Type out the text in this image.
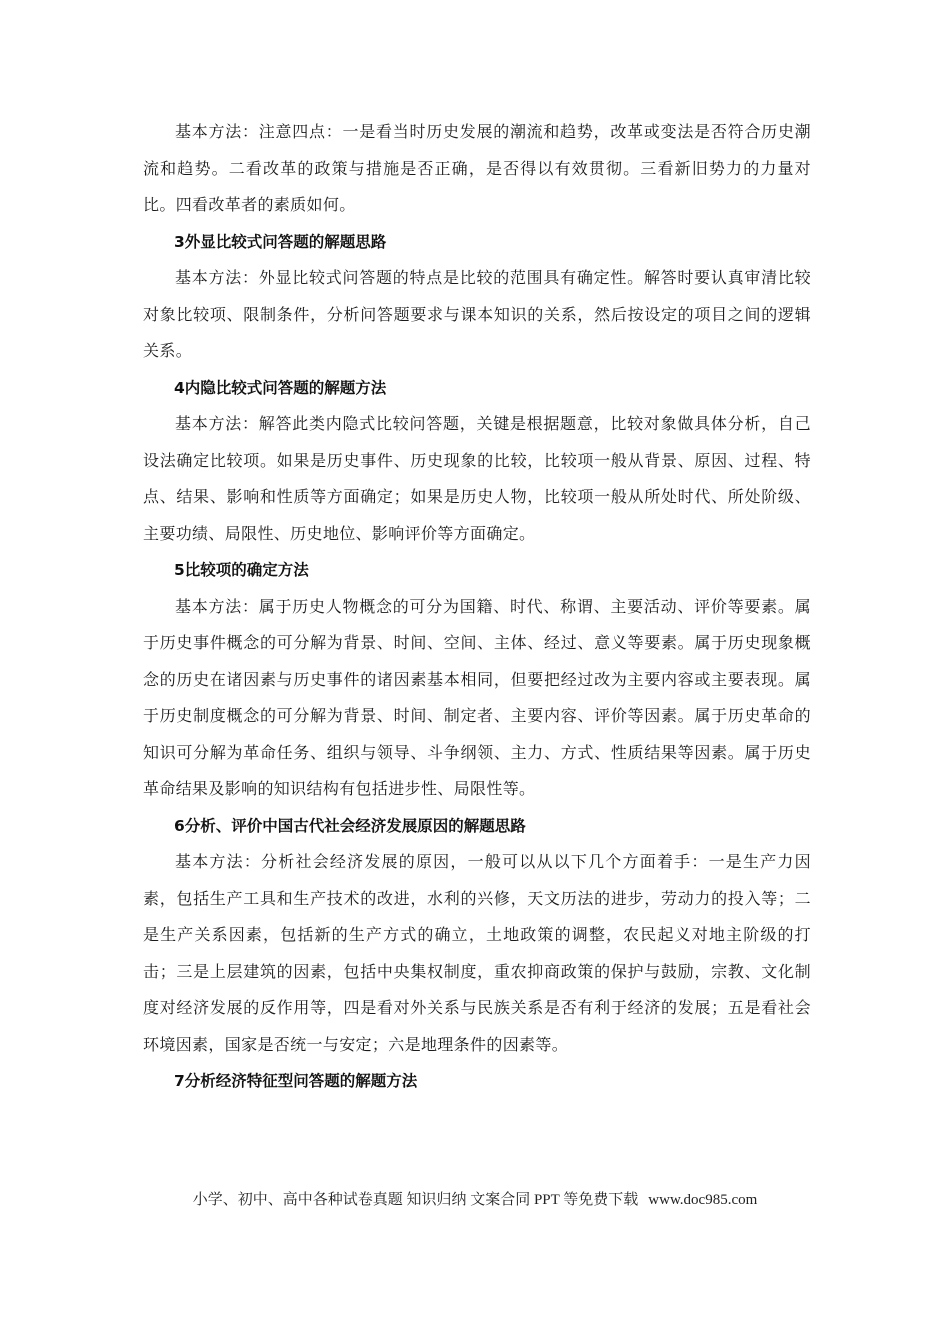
基本方法：注意四点：一是看当时历史发展的潮流和趋势，改革或变法是否符合历史潮流和趋势。二看改革的政策与措施是否正确，是否得以有效贯彻。三看新旧势力的力量对比。四看改革者的素质如何。

3外显比较式问答题的解题思路

基本方法：外显比较式问答题的特点是比较的范围具有确定性。解答时要认真审清比较对象比较项、限制条件，分析问答题要求与课本知识的关系，然后按设定的项目之间的逻辑关系。

4内隐比较式问答题的解题方法

基本方法：解答此类内隐式比较问答题，关键是根据题意，比较对象做具体分析，自己设法确定比较项。如果是历史事件、历史现象的比较，比较项一般从背景、原因、过程、特点、结果、影响和性质等方面确定；如果是历史人物，比较项一般从所处时代、所处阶级、主要功绩、局限性、历史地位、影响评价等方面确定。

5比较项的确定方法

基本方法：属于历史人物概念的可分为国籍、时代、称谓、主要活动、评价等要素。属于历史事件概念的可分解为背景、时间、空间、主体、经过、意义等要素。属于历史现象概念的历史在诸因素与历史事件的诸因素基本相同，但要把经过改为主要内容或主要表现。属于历史制度概念的可分解为背景、时间、制定者、主要内容、评价等因素。属于历史革命的知识可分解为革命任务、组织与领导、斗争纲领、主力、方式、性质结果等因素。属于历史革命结果及影响的知识结构有包括进步性、局限性等。

6分析、评价中国古代社会经济发展原因的解题思路

基本方法：分析社会经济发展的原因，一般可以从以下几个方面着手：一是生产力因素，包括生产工具和生产技术的改进，水利的兴修，天文历法的进步，劳动力的投入等；二是生产关系因素，包括新的生产方式的确立，土地政策的调整，农民起义对地主阶级的打击；三是上层建筑的因素，包括中央集权制度，重农抑商政策的保护与鼓励，宗教、文化制度对经济发展的反作用等，四是看对外关系与民族关系是否有利于经济的发展；五是看社会环境因素，国家是否统一与安定；六是地理条件的因素等。

7分析经济特征型问答题的解题方法
小学、初中、高中各种试卷真题 知识归纳 文案合同 PPT 等免费下载 www.doc985.com
